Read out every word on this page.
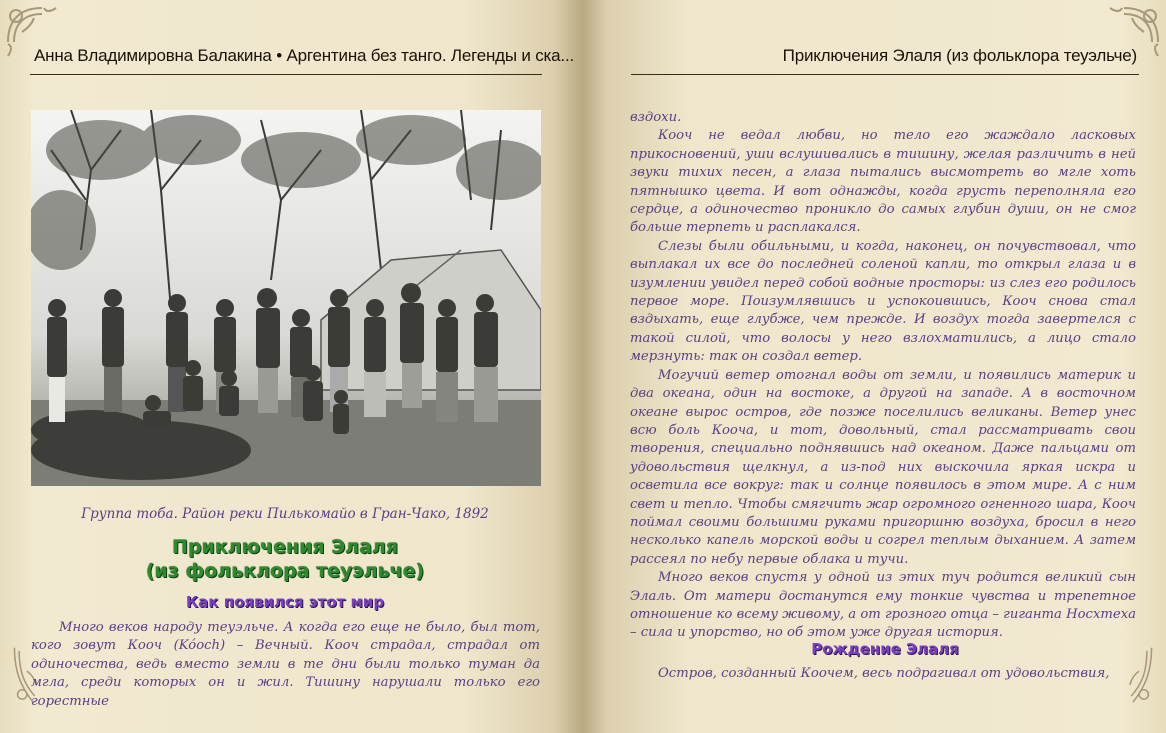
Анна Владимировна Балакина • Аргентина без танго. Легенды и ска...
Группа тоба. Район реки Пилькомайо в Гран-Чако, 1892
Приключения Элаля
(из фольклора теуэльче)
Как появился этот мир

Много веков народу теуэльче. А когда его еще не было, был тот, кого зовут Кооч (Kóoch) – Вечный. Кооч страдал, страдал от одиночества, ведь вместо земли в те дни были только туман да мгла, среди которых он и жил. Тишину нарушали только его горестные

Приключения Элаля (из фольклора теуэльче)

вздохи.

Кооч не ведал любви, но тело его жаждало ласковых прикосновений, уши вслушивались в тишину, желая различить в ней звуки тихих песен, а глаза пытались высмотреть во мгле хоть пятнышко цвета. И вот однажды, когда грусть переполняла его сердце, а одиночество проникло до самых глубин души, он не смог больше терпеть и расплакался.

Слезы были обильными, и когда, наконец, он почувствовал, что выплакал их все до последней соленой капли, то открыл глаза и в изумлении увидел перед собой водные просторы: из слез его родилось первое море. Поизумлявшись и успокоившись, Кооч снова стал вздыхать, еще глубже, чем прежде. И воздух тогда завертелся с такой силой, что волосы у него взлохматились, а лицо стало мерзнуть: так он создал ветер.

Могучий ветер отогнал воды от земли, и появились материк и два океана, один на востоке, а другой на западе. А в восточном океане вырос остров, где позже поселились великаны. Ветер унес всю боль Кооча, и тот, довольный, стал рассматривать свои творения, специально поднявшись над океаном. Даже пальцами от удовольствия щелкнул, а из-под них выскочила яркая искра и осветила все вокруг: так и солнце появилось в этом мире. А с ним свет и тепло. Чтобы смягчить жар огромного огненного шара, Кооч поймал своими большими руками пригоршню воздуха, бросил в него несколько капель морской воды и согрел теплым дыханием. А затем рассеял по небу первые облака и тучи.

Много веков спустя у одной из этих туч родится великий сын Элаль. От матери достанутся ему тонкие чувства и трепетное отношение ко всему живому, а от грозного отца – гиганта Носхтеха – сила и упорство, но об этом уже другая история.

Рождение Элаля

Остров, созданный Коочем, весь подрагивал от удовольствия,
